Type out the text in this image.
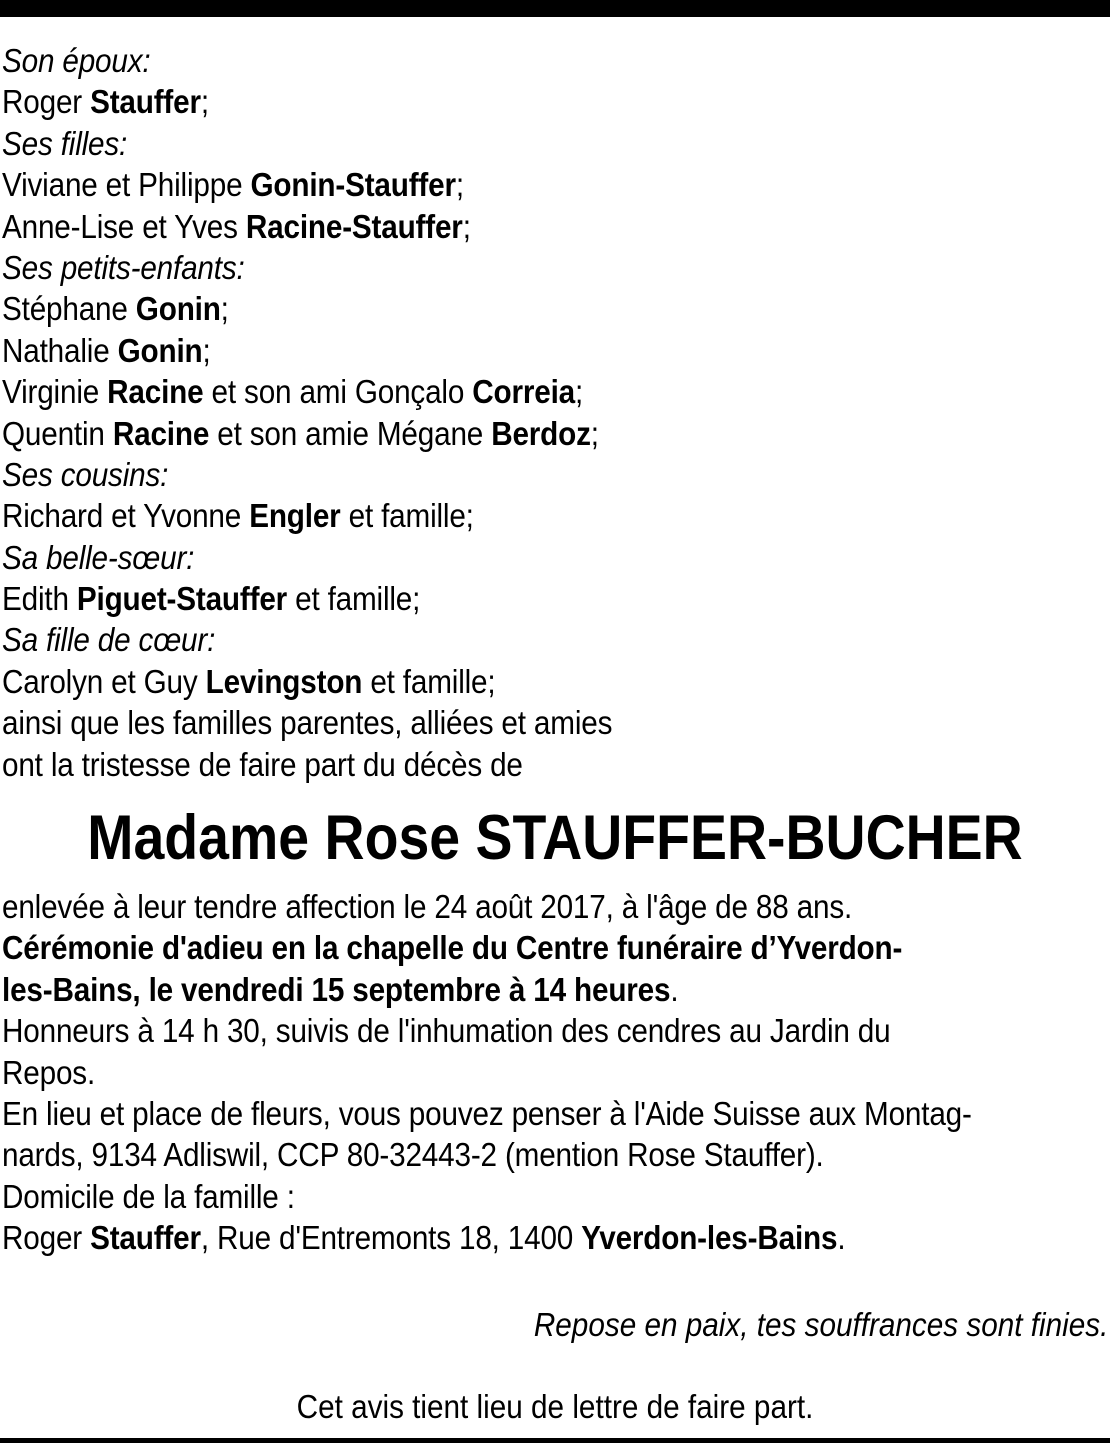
Son époux:
Roger Stauffer;
Ses filles:
Viviane et Philippe Gonin-Stauffer;
Anne-Lise et Yves Racine-Stauffer;
Ses petits-enfants:
Stéphane Gonin;
Nathalie Gonin;
Virginie Racine et son ami Gonçalo Correia;
Quentin Racine et son amie Mégane Berdoz;
Ses cousins:
Richard et Yvonne Engler et famille;
Sa belle-sœur:
Edith Piguet-Stauffer et famille;
Sa fille de cœur:
Carolyn et Guy Levingston et famille;
ainsi que les familles parentes, alliées et amies
ont la tristesse de faire part du décès de
Madame Rose STAUFFER-BUCHER
enlevée à leur tendre affection le 24 août 2017, à l'âge de 88 ans.
Cérémonie d'adieu en la chapelle du Centre funéraire d’Yverdon-
les-Bains, le vendredi 15 septembre à 14 heures.
Honneurs à 14 h 30, suivis de l'inhumation des cendres au Jardin du
Repos.
En lieu et place de fleurs, vous pouvez penser à l'Aide Suisse aux Montag-
nards, 9134 Adliswil, CCP 80-32443-2 (mention Rose Stauffer).
Domicile de la famille :
Roger Stauffer, Rue d'Entremonts 18, 1400 Yverdon-les-Bains.
Repose en paix, tes souffrances sont finies.
Cet avis tient lieu de lettre de faire part.
